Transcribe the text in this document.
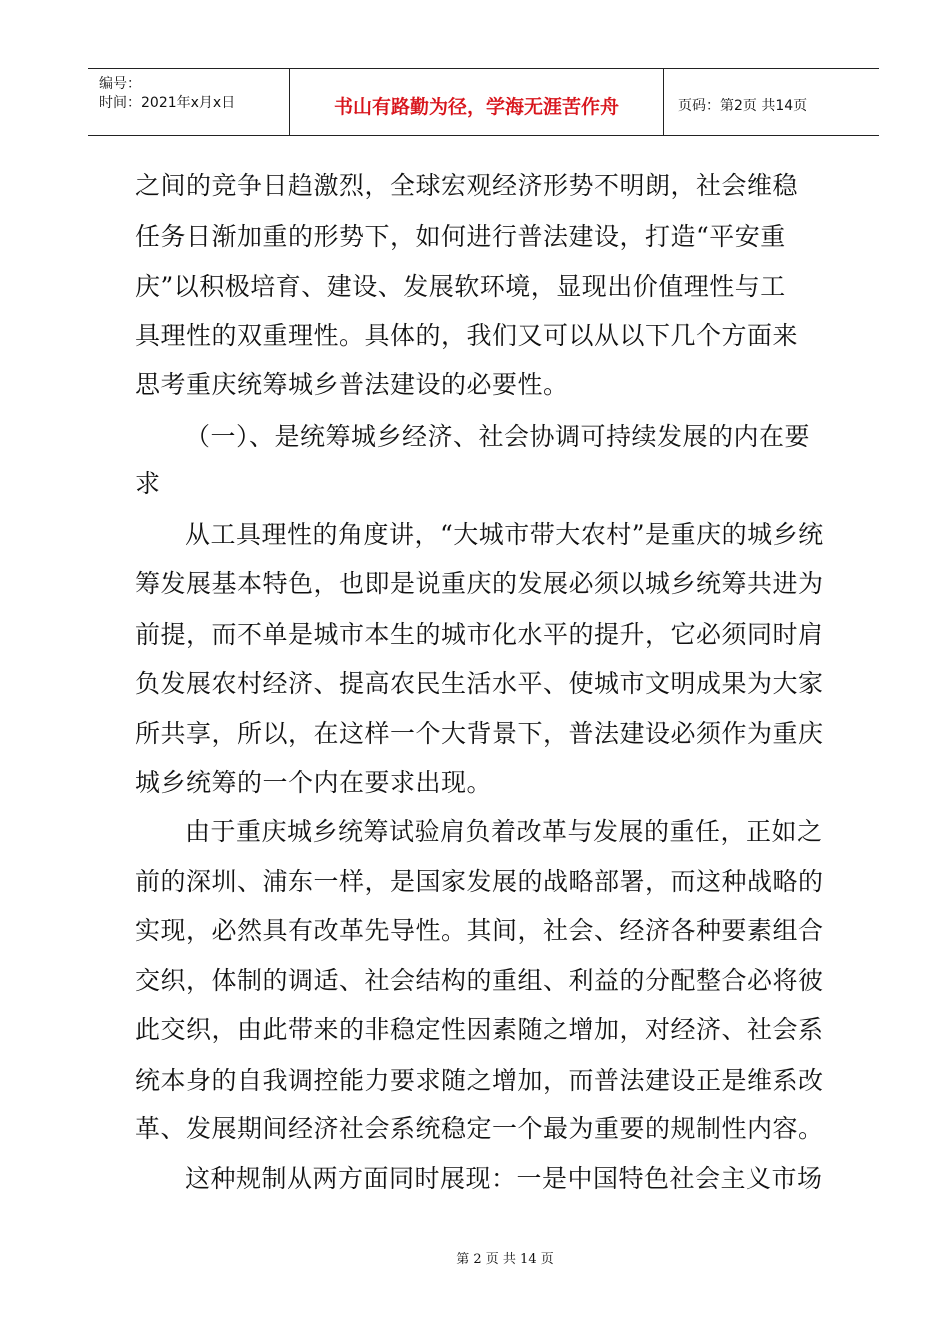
编号：
时间：2021年x月x日	书山有路勤为径，学海无涯苦作舟	页码：第2页 共14页
之间的竞争日趋激烈，全球宏观经济形势不明朗，社会维稳
任务日渐加重的形势下，如何进行普法建设，打造“平安重
庆”以积极培育、建设、发展软环境，显现出价值理性与工
具理性的双重理性。具体的，我们又可以从以下几个方面来
思考重庆统筹城乡普法建设的必要性。
（一）、是统筹城乡经济、社会协调可持续发展的内在要
求
从工具理性的角度讲，“大城市带大农村”是重庆的城乡统
筹发展基本特色，也即是说重庆的发展必须以城乡统筹共进为
前提，而不单是城市本生的城市化水平的提升，它必须同时肩
负发展农村经济、提高农民生活水平、使城市文明成果为大家
所共享，所以，在这样一个大背景下，普法建设必须作为重庆
城乡统筹的一个内在要求出现。
由于重庆城乡统筹试验肩负着改革与发展的重任，正如之
前的深圳、浦东一样，是国家发展的战略部署，而这种战略的
实现，必然具有改革先导性。其间，社会、经济各种要素组合
交织，体制的调适、社会结构的重组、利益的分配整合必将彼
此交织，由此带来的非稳定性因素随之增加，对经济、社会系
统本身的自我调控能力要求随之增加，而普法建设正是维系改
革、发展期间经济社会系统稳定一个最为重要的规制性内容。
这种规制从两方面同时展现：一是中国特色社会主义市场
第 2 页 共 14 页
